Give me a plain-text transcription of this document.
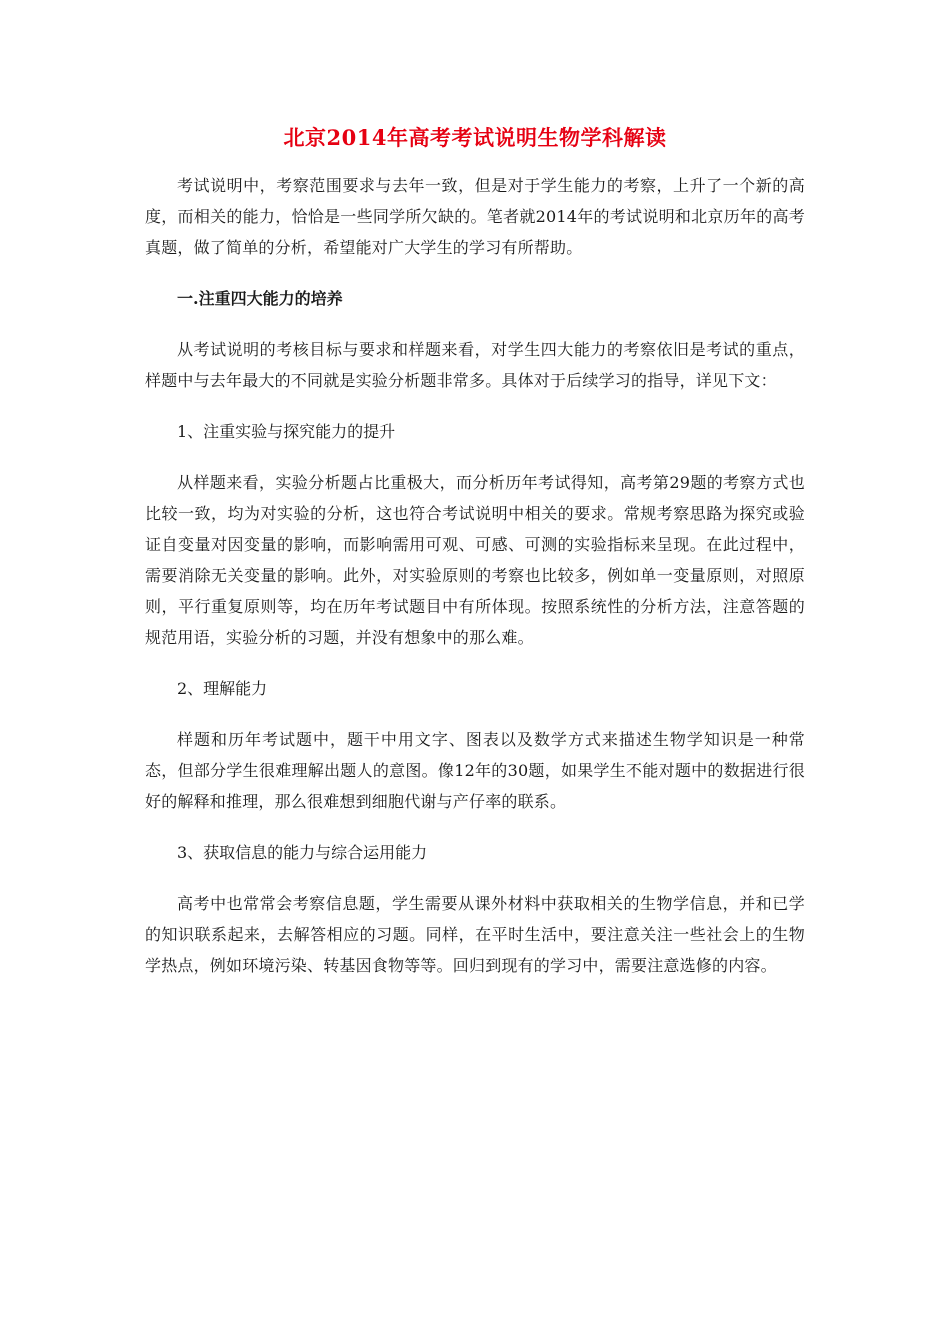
北京2014年高考考试说明生物学科解读

考试说明中，考察范围要求与去年一致，但是对于学生能力的考察，上升了一个新的高度，而相关的能力，恰恰是一些同学所欠缺的。笔者就2014年的考试说明和北京历年的高考真题，做了简单的分析，希望能对广大学生的学习有所帮助。

一.注重四大能力的培养

从考试说明的考核目标与要求和样题来看，对学生四大能力的考察依旧是考试的重点，样题中与去年最大的不同就是实验分析题非常多。具体对于后续学习的指导，详见下文：

1、注重实验与探究能力的提升

从样题来看，实验分析题占比重极大，而分析历年考试得知，高考第29题的考察方式也比较一致，均为对实验的分析，这也符合考试说明中相关的要求。常规考察思路为探究或验证自变量对因变量的影响，而影响需用可观、可感、可测的实验指标来呈现。在此过程中，需要消除无关变量的影响。此外，对实验原则的考察也比较多，例如单一变量原则，对照原则，平行重复原则等，均在历年考试题目中有所体现。按照系统性的分析方法，注意答题的规范用语，实验分析的习题，并没有想象中的那么难。

2、理解能力

样题和历年考试题中，题干中用文字、图表以及数学方式来描述生物学知识是一种常态，但部分学生很难理解出题人的意图。像12年的30题，如果学生不能对题中的数据进行很好的解释和推理，那么很难想到细胞代谢与产仔率的联系。

3、获取信息的能力与综合运用能力

高考中也常常会考察信息题，学生需要从课外材料中获取相关的生物学信息，并和已学的知识联系起来，去解答相应的习题。同样，在平时生活中，要注意关注一些社会上的生物学热点，例如环境污染、转基因食物等等。回归到现有的学习中，需要注意选修的内容。
